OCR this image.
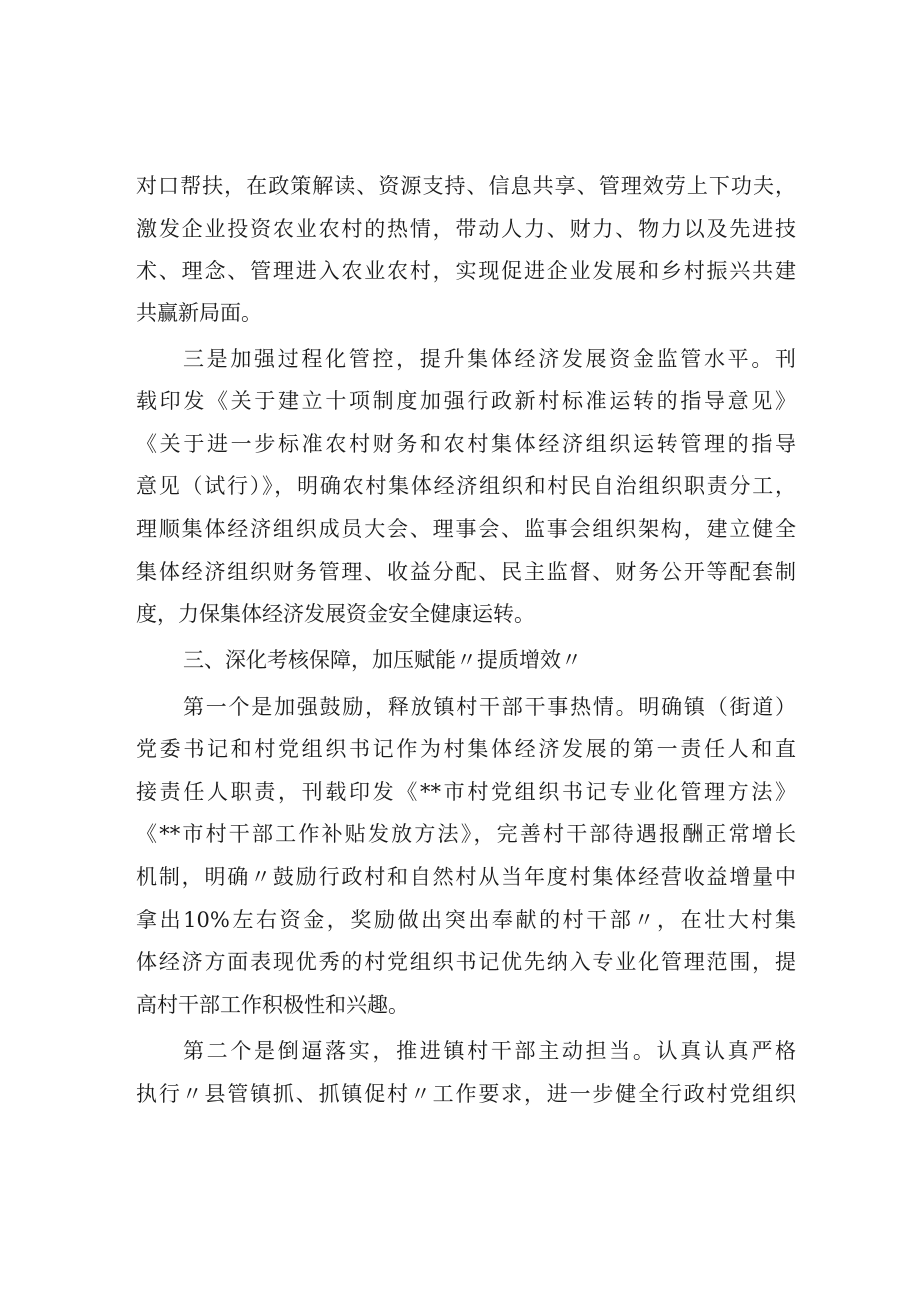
对口帮扶，在政策解读、资源支持、信息共享、管理效劳上下功夫，
激发企业投资农业农村的热情，带动人力、财力、物力以及先进技
术、理念、管理进入农业农村，实现促进企业发展和乡村振兴共建
共赢新局面。
三是加强过程化管控，提升集体经济发展资金监管水平。刊
载印发《关于建立十项制度加强行政新村标准运转的指导意见》
《关于进一步标准农村财务和农村集体经济组织运转管理的指导
意见（试行）》，明确农村集体经济组织和村民自治组织职责分工，
理顺集体经济组织成员大会、理事会、监事会组织架构，建立健全
集体经济组织财务管理、收益分配、民主监督、财务公开等配套制
度，力保集体经济发展资金安全健康运转。
三、深化考核保障，加压赋能〃提质增效〃
第一个是加强鼓励，释放镇村干部干事热情。明确镇（街道）
党委书记和村党组织书记作为村集体经济发展的第一责任人和直
接责任人职责，刊载印发《**市村党组织书记专业化管理方法》
《**市村干部工作补贴发放方法》，完善村干部待遇报酬正常增长
机制，明确〃鼓励行政村和自然村从当年度村集体经营收益增量中
拿出10%左右资金，奖励做出突出奉献的村干部〃，在壮大村集
体经济方面表现优秀的村党组织书记优先纳入专业化管理范围，提
高村干部工作积极性和兴趣。
第二个是倒逼落实，推进镇村干部主动担当。认真认真严格
执行〃县管镇抓、抓镇促村〃工作要求，进一步健全行政村党组织
